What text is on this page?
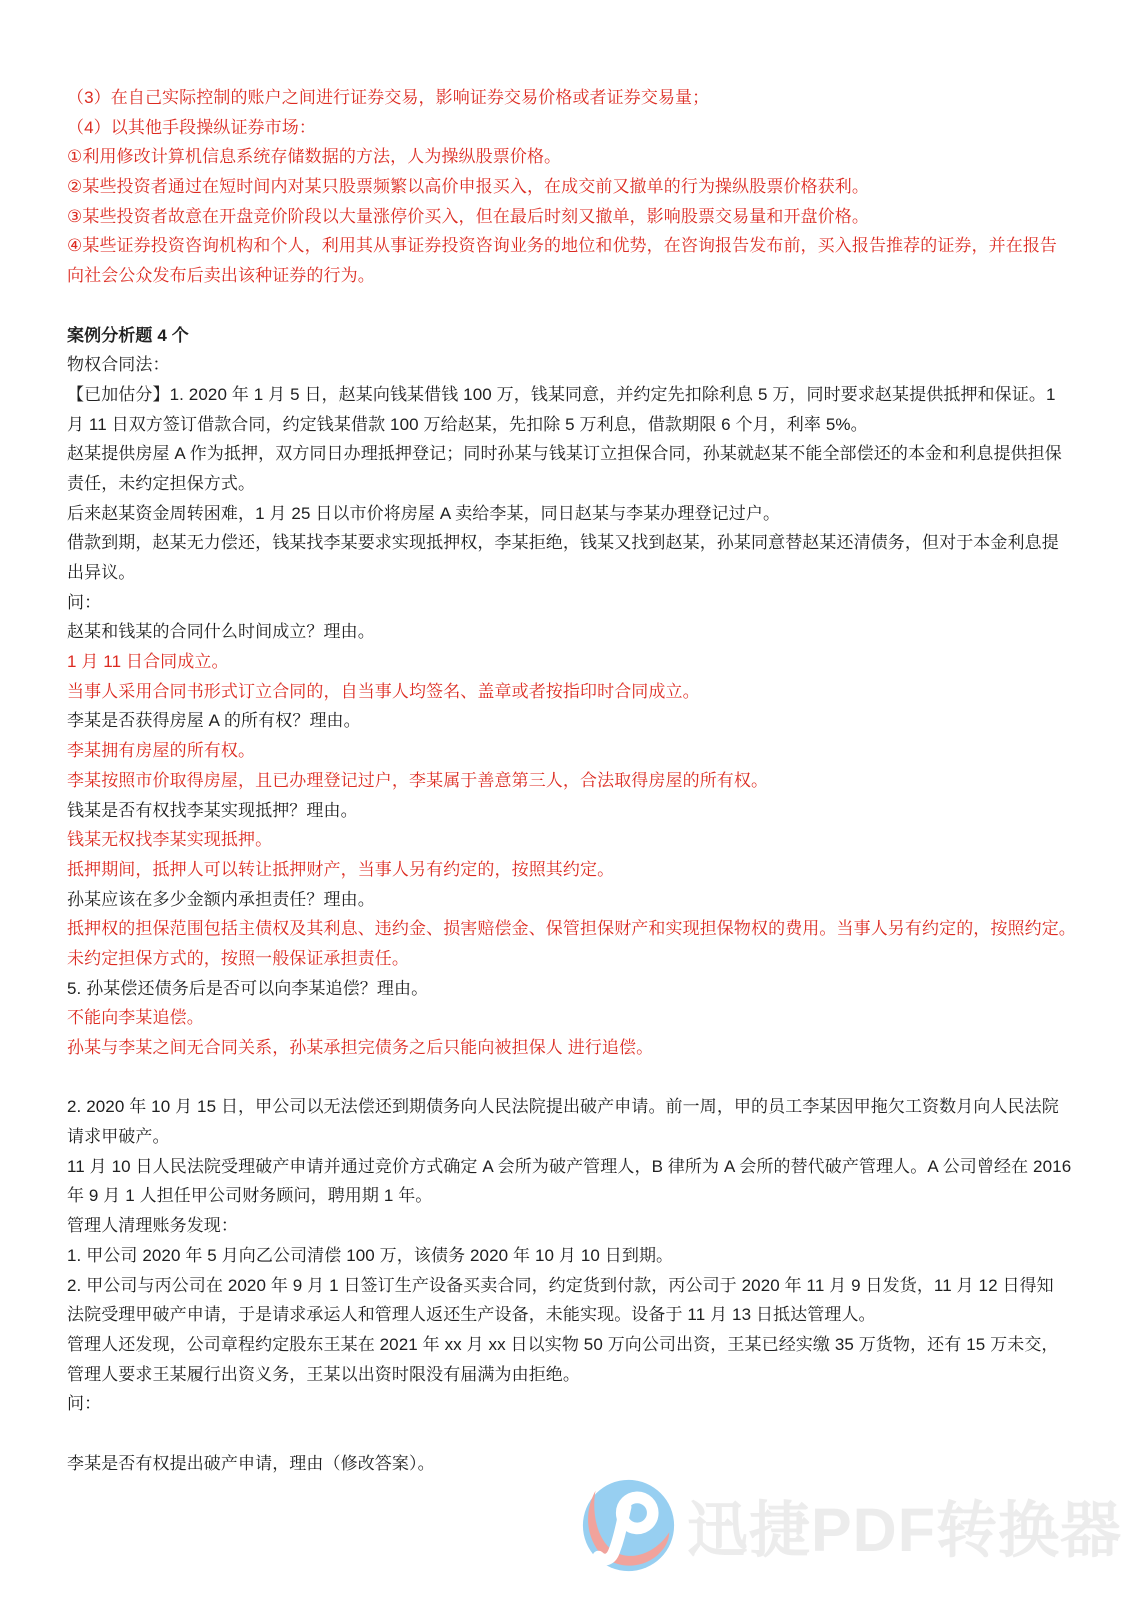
（3）在自己实际控制的账户之间进行证券交易，影响证券交易价格或者证券交易量；
（4）以其他手段操纵证券市场：
①利用修改计算机信息系统存储数据的方法，人为操纵股票价格。
②某些投资者通过在短时间内对某只股票频繁以高价申报买入，在成交前又撤单的行为操纵股票价格获利。
③某些投资者故意在开盘竞价阶段以大量涨停价买入，但在最后时刻又撤单，影响股票交易量和开盘价格。
④某些证券投资咨询机构和个人，利用其从事证券投资咨询业务的地位和优势，在咨询报告发布前，买入报告推荐的证券，并在报告
向社会公众发布后卖出该种证券的行为。

案例分析题 4 个
物权合同法：
【已加估分】1. 2020 年 1 月 5 日，赵某向钱某借钱 100 万，钱某同意，并约定先扣除利息 5 万，同时要求赵某提供抵押和保证。1
月 11 日双方签订借款合同，约定钱某借款 100 万给赵某，先扣除 5 万利息，借款期限 6 个月，利率 5%。
赵某提供房屋 A 作为抵押，双方同日办理抵押登记；同时孙某与钱某订立担保合同，孙某就赵某不能全部偿还的本金和利息提供担保
责任，未约定担保方式。
后来赵某资金周转困难，1 月 25 日以市价将房屋 A 卖给李某，同日赵某与李某办理登记过户。
借款到期，赵某无力偿还，钱某找李某要求实现抵押权，李某拒绝，钱某又找到赵某，孙某同意替赵某还清债务，但对于本金利息提
出异议。
问：
赵某和钱某的合同什么时间成立？理由。
1 月 11 日合同成立。
当事人采用合同书形式订立合同的，自当事人均签名、盖章或者按指印时合同成立。
李某是否获得房屋 A 的所有权？理由。
李某拥有房屋的所有权。
李某按照市价取得房屋，且已办理登记过户，李某属于善意第三人，合法取得房屋的所有权。
钱某是否有权找李某实现抵押？理由。
钱某无权找李某实现抵押。
抵押期间，抵押人可以转让抵押财产，当事人另有约定的，按照其约定。
孙某应该在多少金额内承担责任？理由。
抵押权的担保范围包括主债权及其利息、违约金、损害赔偿金、保管担保财产和实现担保物权的费用。当事人另有约定的，按照约定。
未约定担保方式的，按照一般保证承担责任。
5. 孙某偿还债务后是否可以向李某追偿？理由。
不能向李某追偿。
孙某与李某之间无合同关系，孙某承担完债务之后只能向被担保人 进行追偿。

2. 2020 年 10 月 15 日，甲公司以无法偿还到期债务向人民法院提出破产申请。前一周，甲的员工李某因甲拖欠工资数月向人民法院
请求甲破产。
11 月 10 日人民法院受理破产申请并通过竞价方式确定 A 会所为破产管理人，B 律所为 A 会所的替代破产管理人。A 公司曾经在 2016
年 9 月 1 人担任甲公司财务顾问，聘用期 1 年。
管理人清理账务发现：
1. 甲公司 2020 年 5 月向乙公司清偿 100 万，该债务 2020 年 10 月 10 日到期。
2. 甲公司与丙公司在 2020 年 9 月 1 日签订生产设备买卖合同，约定货到付款，丙公司于 2020 年 11 月 9 日发货，11 月 12 日得知
法院受理甲破产申请，于是请求承运人和管理人返还生产设备，未能实现。设备于 11 月 13 日抵达管理人。
管理人还发现，公司章程约定股东王某在 2021 年 xx 月 xx 日以实物 50 万向公司出资，王某已经实缴 35 万货物，还有 15 万未交，
管理人要求王某履行出资义务，王某以出资时限没有届满为由拒绝。
问：

李某是否有权提出破产申请，理由（修改答案）。
迅捷PDF转换器
